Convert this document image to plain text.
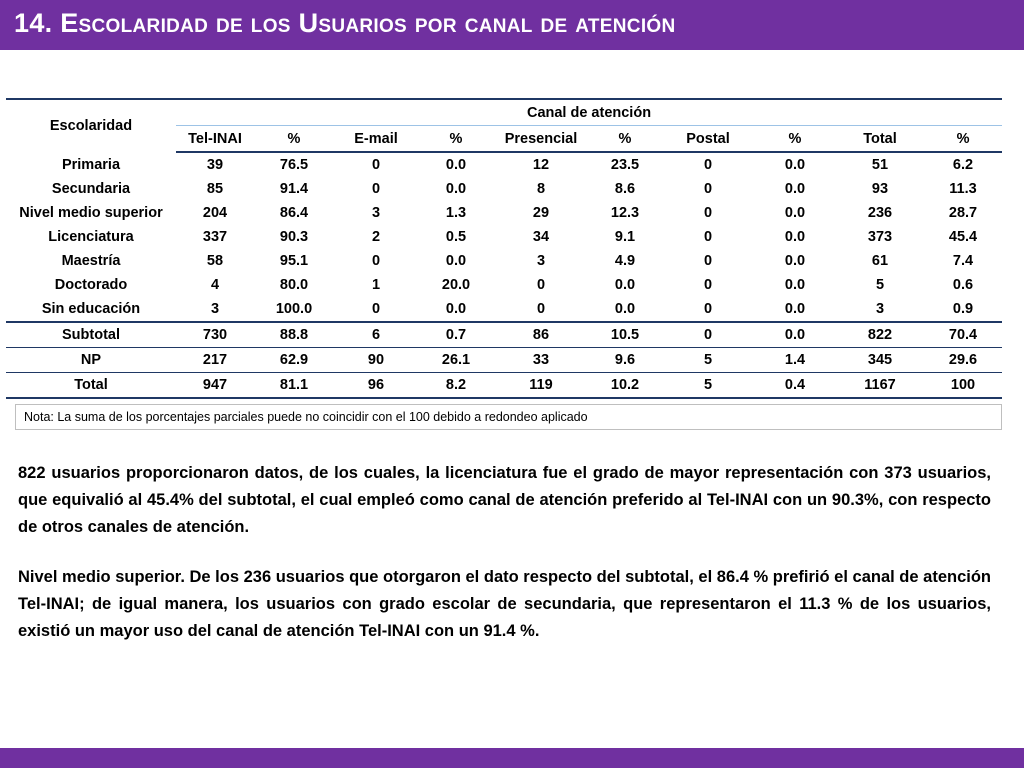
14. Escolaridad de los Usuarios por canal de atención
Escolaridad	Canal de atención									
	Tel-INAI	%	E-mail	%	Presencial	%	Postal	%	Total	%
Primaria	39	76.5	0	0.0	12	23.5	0	0.0	51	6.2
Secundaria	85	91.4	0	0.0	8	8.6	0	0.0	93	11.3
Nivel medio superior	204	86.4	3	1.3	29	12.3	0	0.0	236	28.7
Licenciatura	337	90.3	2	0.5	34	9.1	0	0.0	373	45.4
Maestría	58	95.1	0	0.0	3	4.9	0	0.0	61	7.4
Doctorado	4	80.0	1	20.0	0	0.0	0	0.0	5	0.6
Sin educación	3	100.0	0	0.0	0	0.0	0	0.0	3	0.9
Subtotal	730	88.8	6	0.7	86	10.5	0	0.0	822	70.4
NP	217	62.9	90	26.1	33	9.6	5	1.4	345	29.6
Total	947	81.1	96	8.2	119	10.2	5	0.4	1167	100
Nota: La suma de los porcentajes parciales puede no coincidir con el 100 debido a redondeo aplicado

822 usuarios proporcionaron datos, de los cuales, la licenciatura fue el grado de mayor representación con 373 usuarios, que equivalió al 45.4% del subtotal, el cual empleó como canal de atención preferido al Tel-INAI con un 90.3%, con respecto de otros canales de atención.

Nivel medio superior. De los 236 usuarios que otorgaron el dato respecto del subtotal, el 86.4 % prefirió el canal de atención Tel-INAI; de igual manera, los usuarios con grado escolar de secundaria, que representaron el 11.3 % de los usuarios, existió un mayor uso del canal de atención Tel-INAI con un 91.4 %.
